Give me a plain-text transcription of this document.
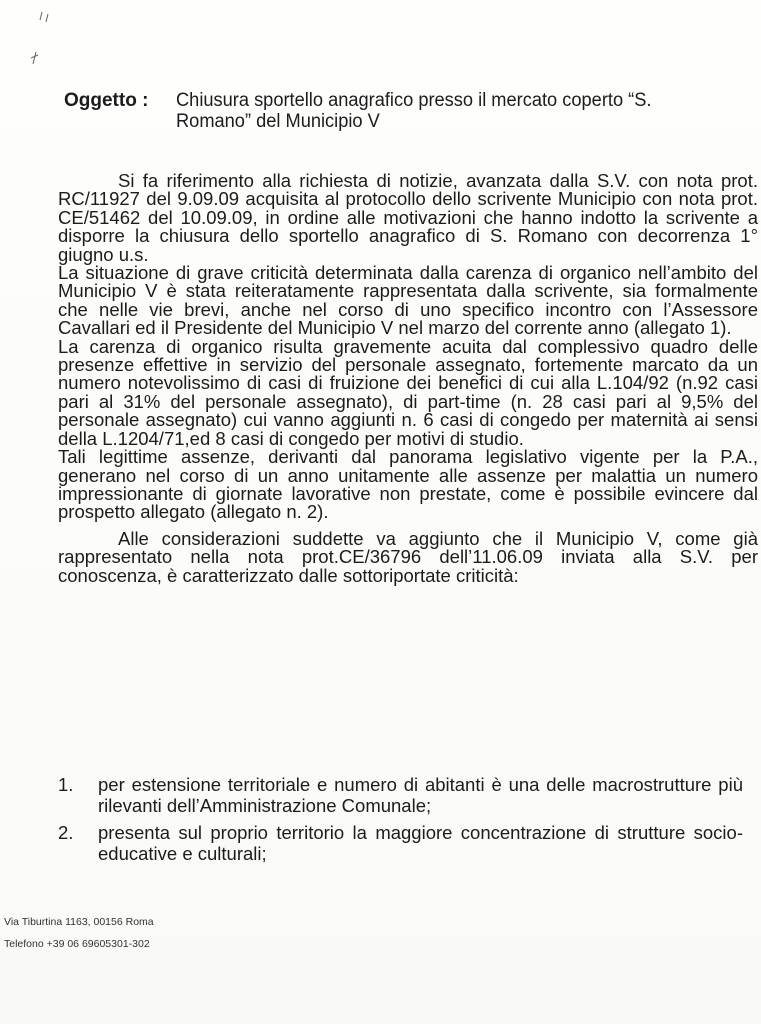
Oggetto :	Chiusura sportello anagrafico presso il mercato coperto “S. Romano” del Municipio V

Si fa riferimento alla richiesta di notizie, avanzata dalla S.V. con nota prot. RC/11927 del 9.09.09 acquisita al protocollo dello scrivente Municipio con nota prot. CE/51462 del 10.09.09, in ordine alle motivazioni che hanno indotto la scrivente a disporre la chiusura dello sportello anagrafico di S. Romano con decorrenza 1° giugno u.s.

La situazione di grave criticità determinata dalla carenza di organico nell’ambito del Municipio V è stata reiteratamente rappresentata dalla scrivente, sia formalmente che nelle vie brevi, anche nel corso di uno specifico incontro con l’Assessore Cavallari ed il Presidente del Municipio V nel marzo del corrente anno (allegato 1).

La carenza di organico risulta gravemente acuita dal complessivo quadro delle presenze effettive in servizio del personale assegnato, fortemente marcato da un numero notevolissimo di casi di fruizione dei benefici di cui alla L.104/92 (n.92 casi pari al 31% del personale assegnato), di part-time (n. 28 casi pari al 9,5% del personale assegnato) cui vanno aggiunti n. 6 casi di congedo per maternità ai sensi della L.1204/71,ed 8 casi di congedo per motivi di studio.

Tali legittime assenze, derivanti dal panorama legislativo vigente per la P.A., generano nel corso di un anno unitamente alle assenze per malattia un numero impressionante di giornate lavorative non prestate, come è possibile evincere dal prospetto allegato (allegato n. 2).

Alle considerazioni suddette va aggiunto che il Municipio V, come già rappresentato nella nota prot.CE/36796 dell’11.06.09 inviata alla S.V. per conoscenza, è caratterizzato dalle sottoriportate criticità:

1.	per estensione territoriale e numero di abitanti è una delle macrostrutture più rilevanti dell’Amministrazione Comunale;
2.	presenta sul proprio territorio la maggiore concentrazione di strutture socio-educative e culturali;
Via Tiburtina 1163, 00156 Roma
Telefono +39 06 69605301-302
